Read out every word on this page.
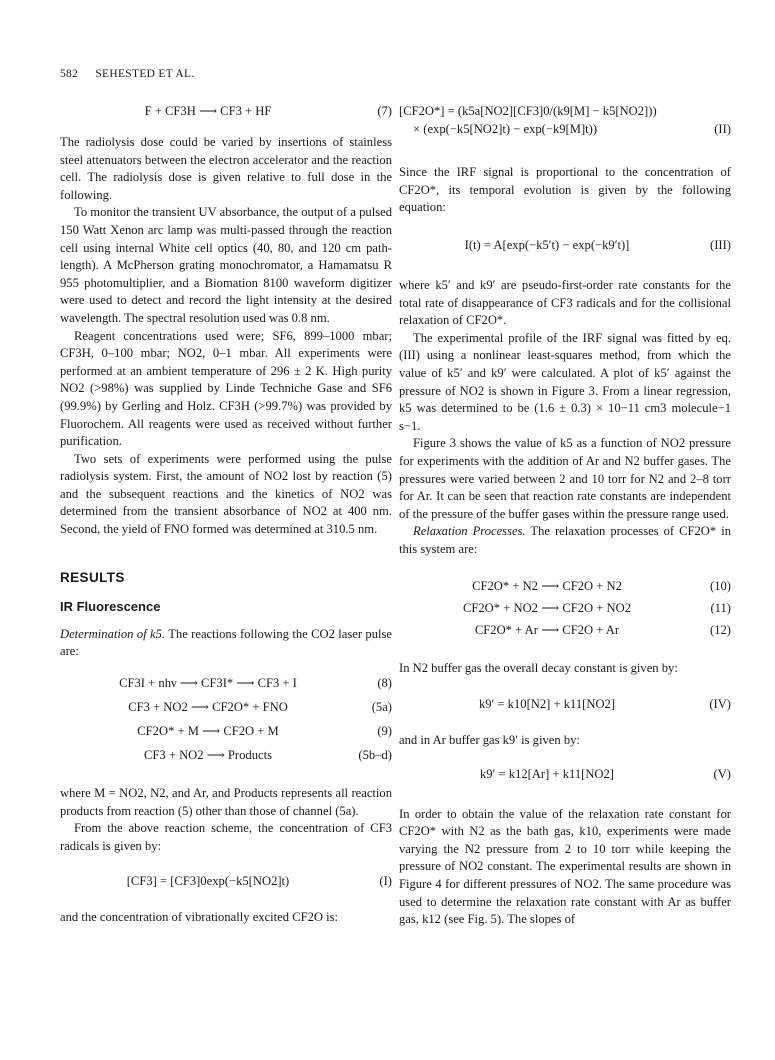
582 SEHESTED ET AL.
F + CF3H ⟶ CF3 + HF	(7)

The radiolysis dose could be varied by insertions of stainless steel attenuators between the electron accelerator and the reaction cell. The radiolysis dose is given relative to full dose in the following.

To monitor the transient UV absorbance, the output of a pulsed 150 Watt Xenon arc lamp was multi-passed through the reaction cell using internal White cell optics (40, 80, and 120 cm path-length). A McPherson grating monochromator, a Hamamatsu R 955 photomultiplier, and a Biomation 8100 waveform digitizer were used to detect and record the light intensity at the desired wavelength. The spectral resolution used was 0.8 nm.

Reagent concentrations used were; SF6, 899–1000 mbar; CF3H, 0–100 mbar; NO2, 0–1 mbar. All experiments were performed at an ambient temperature of 296 ± 2 K. High purity NO2 (>98%) was supplied by Linde Techniche Gase and SF6 (99.9%) by Gerling and Holz. CF3H (>99.7%) was provided by Fluorochem. All reagents were used as received without further purification.

Two sets of experiments were performed using the pulse radiolysis system. First, the amount of NO2 lost by reaction (5) and the subsequent reactions and the kinetics of NO2 was determined from the transient absorbance of NO2 at 400 nm. Second, the yield of FNO formed was determined at 310.5 nm.

RESULTS
IR Fluorescence

Determination of k5. The reactions following the CO2 laser pulse are:

CF3I + nhν ⟶ CF3I* ⟶ CF3 + I	(8)
CF3 + NO2 ⟶ CF2O* + FNO	(5a)
CF2O* + M ⟶ CF2O + M	(9)
CF3 + NO2 ⟶ Products	(5b–d)

where M = NO2, N2, and Ar, and Products represents all reaction products from reaction (5) other than those of channel (5a).

From the above reaction scheme, the concentration of CF3 radicals is given by:

[CF3] = [CF3]0exp(−k5[NO2]t)	(I)

and the concentration of vibrationally excited CF2O is:

[CF2O*] = (k5a[NO2][CF3]0/(k9[M] − k5[NO2]))
× (exp(−k5[NO2]t) − exp(−k9[M]t))	(II)

Since the IRF signal is proportional to the concentration of CF2O*, its temporal evolution is given by the following equation:

I(t) = A[exp(−k5′t) − exp(−k9′t)]	(III)

where k5′ and k9′ are pseudo-first-order rate constants for the total rate of disappearance of CF3 radicals and for the collisional relaxation of CF2O*.

The experimental profile of the IRF signal was fitted by eq. (III) using a nonlinear least-squares method, from which the value of k5′ and k9′ were calculated. A plot of k5′ against the pressure of NO2 is shown in Figure 3. From a linear regression, k5 was determined to be (1.6 ± 0.3) × 10−11 cm3 molecule−1 s−1.

Figure 3 shows the value of k5 as a function of NO2 pressure for experiments with the addition of Ar and N2 buffer gases. The pressures were varied between 2 and 10 torr for N2 and 2–8 torr for Ar. It can be seen that reaction rate constants are independent of the pressure of the buffer gases within the pressure range used.

Relaxation Processes. The relaxation processes of CF2O* in this system are:

CF2O* + N2 ⟶ CF2O + N2	(10)
CF2O* + NO2 ⟶ CF2O + NO2	(11)
CF2O* + Ar ⟶ CF2O + Ar	(12)

In N2 buffer gas the overall decay constant is given by:

k9′ = k10[N2] + k11[NO2]	(IV)

and in Ar buffer gas k9′ is given by:

k9′ = k12[Ar] + k11[NO2]	(V)

In order to obtain the value of the relaxation rate constant for CF2O* with N2 as the bath gas, k10, experiments were made varying the N2 pressure from 2 to 10 torr while keeping the pressure of NO2 constant. The experimental results are shown in Figure 4 for different pressures of NO2. The same procedure was used to determine the relaxation rate constant with Ar as buffer gas, k12 (see Fig. 5). The slopes of
